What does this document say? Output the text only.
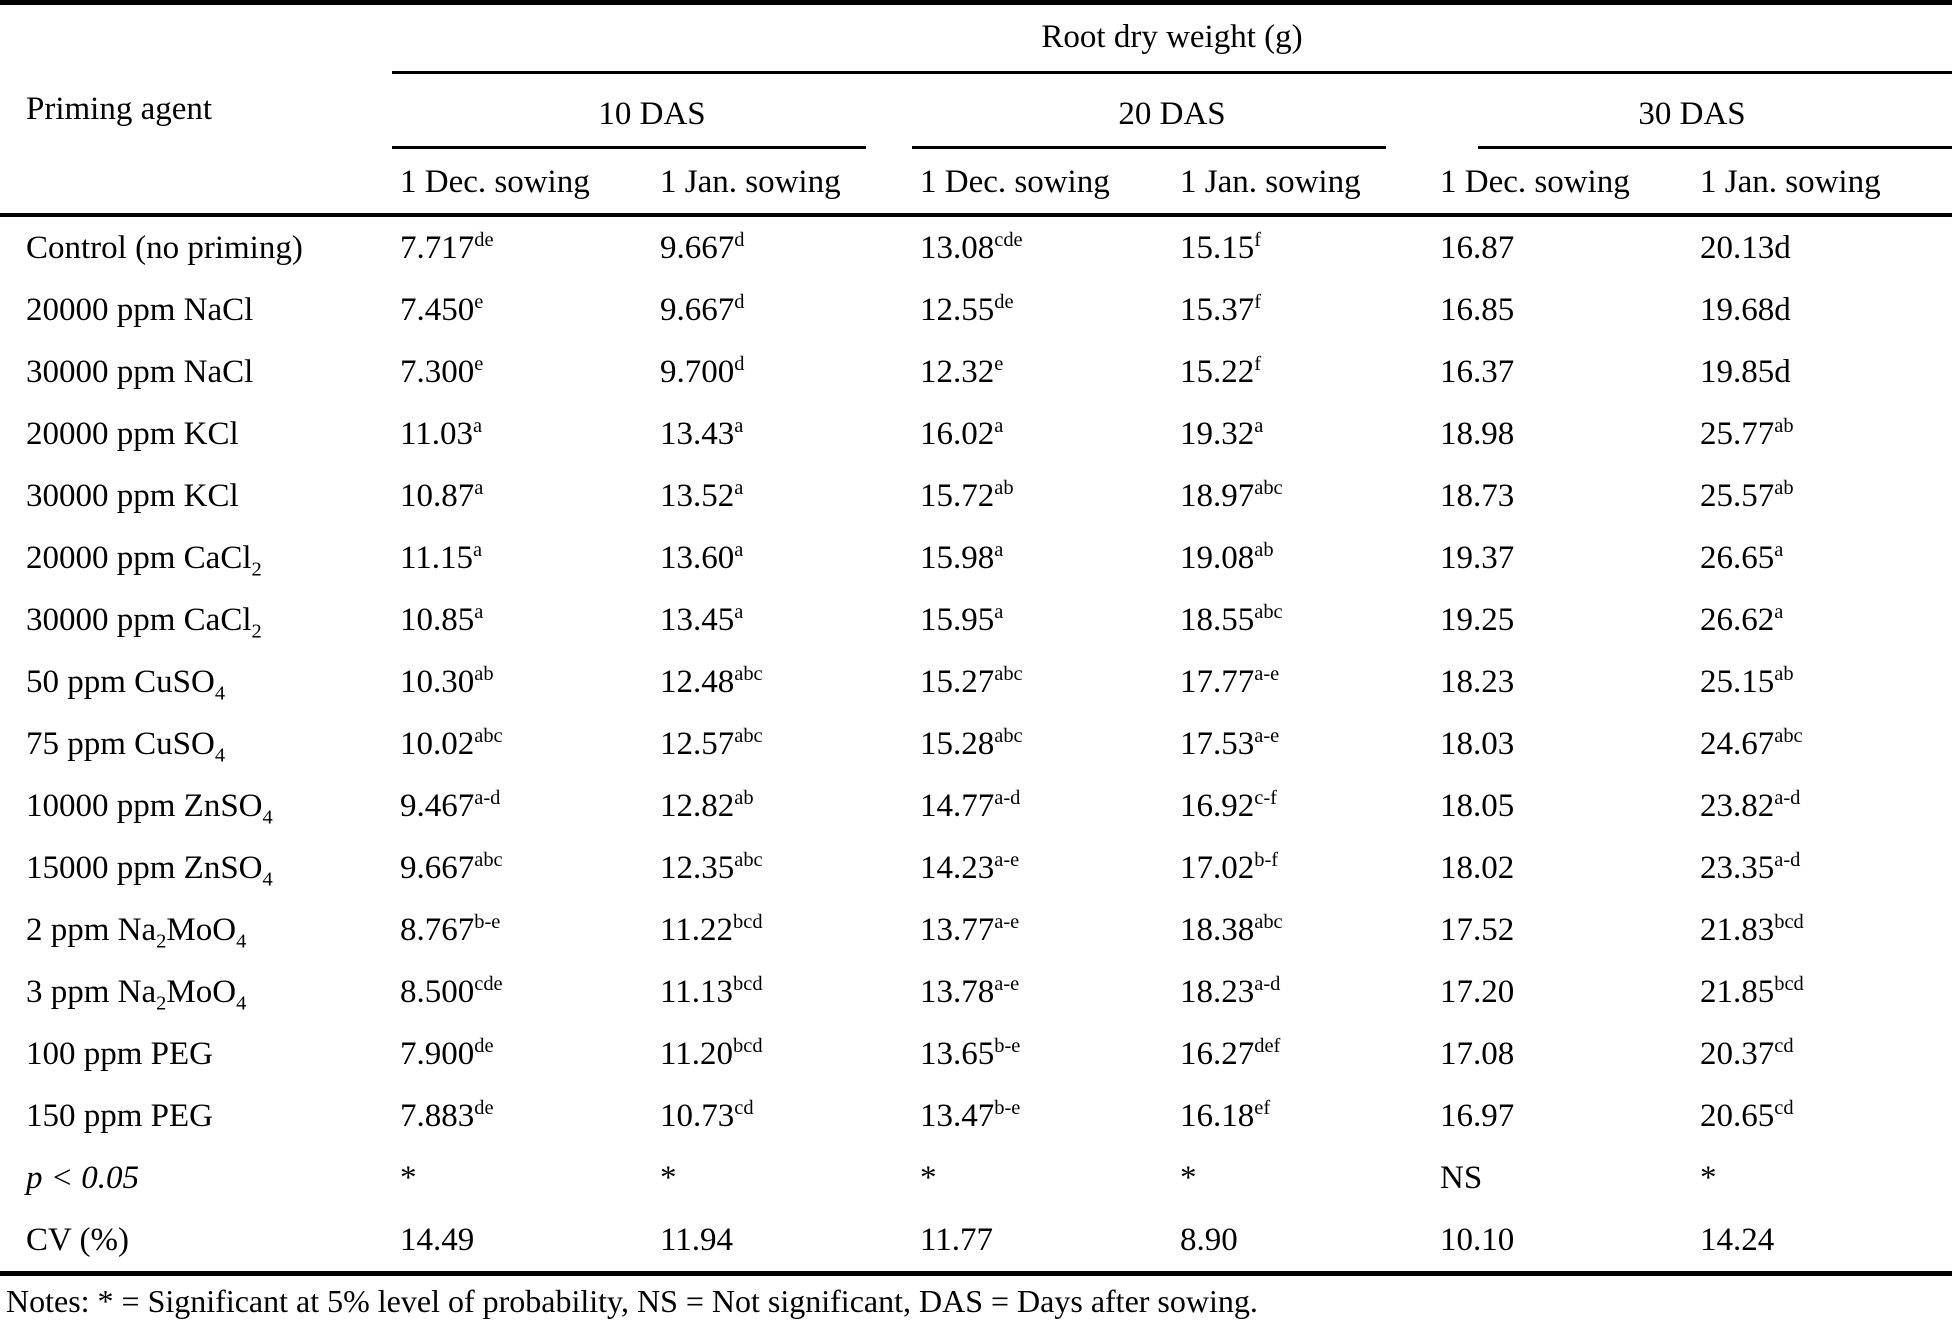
Priming agent	Root dry weight (g)					
	10 DAS		20 DAS		30 DAS	
	1 Dec. sowing	1 Jan. sowing	1 Dec. sowing	1 Jan. sowing	1 Dec. sowing	1 Jan. sowing
Control (no priming)	7.717de	9.667$^d$	13.08$^{cde}$	15.15$^f$	16.87	20.13d
20000 ppm NaCl	7.450e	9.667$^d$	12.55de	15.37$^f$	16.85	19.68d
30000 ppm NaCl	7.300e	9.700$^d$	12.32e	15.22$^f$	16.37	19.85d
20000 ppm KCl	11.03$^a$	13.43$^a$	16.02$^a$	19.32$^a$	18.98	25.77$^{ab}$
30000 ppm KCl	10.87$^a$	13.52$^a$	15.72$^{ab}$	18.97$^{abc}$	18.73	25.57$^{ab}$
20000 ppm CaCl$_2$	11.15$^a$	13.60$^a$	15.98$^a$	19.08$^{ab}$	19.37	26.65$^a$
30000 ppm CaCl$_2$	10.85$^a$	13.45$^a$	15.95$^a$	18.55$^{abc}$	19.25	26.62$^a$
50 ppm CuSO$_4$	10.30$^{ab}$	12.48$^{abc}$	15.27$^{abc}$	17.77$^{a-e}$	18.23	25.15$^{ab}$
75 ppm CuSO$_4$	10.02$^{abc}$	12.57$^{abc}$	15.28$^{abc}$	17.53$^{a-e}$	18.03	24.67$^{abc}$
10000 ppm ZnSO$_4$	9.467$^{a-d}$	12.82$^{ab}$	14.77$^{a-d}$	16.92$^{c-f}$	18.05	23.82$^{a-d}$
15000 ppm ZnSO$_4$	9.667$^{abc}$	12.35$^{abc}$	14.23$^{a-e}$	17.02$^{b-f}$	18.02	23.35$^{a-d}$
2 ppm $Na_2MoO_4$	8.767$^{b-e}$	11.22$^{bcd}$	13.77$^{a-e}$	18.38$^{abc}$	17.52	21.83$^{bcd}$
3 ppm $Na_2MoO_4$	8.500$^{cde}$	11.13$^{bcd}$	13.78$^{a-e}$	18.23$^{a-d}$	17.20	21.85$^{bcd}$
100 ppm PEG	7.900de	11.20$^{bcd}$	13.65$^{b-e}$	16.27$^{def}$	17.08	20.37$^{cd}$
150 ppm PEG	7.883de	10.73$^{cd}$	13.47$^{b-e}$	16.18$^{ef}$	16.97	20.65$^{cd}$
p < 0.05	*	*	*	*	NS	*
CV (%)	14.49	11.94	11.77	8.90	10.10	14.24
Notes: * = Significant at 5% level of probability, NS = Not significant, DAS = Days after sowing.
